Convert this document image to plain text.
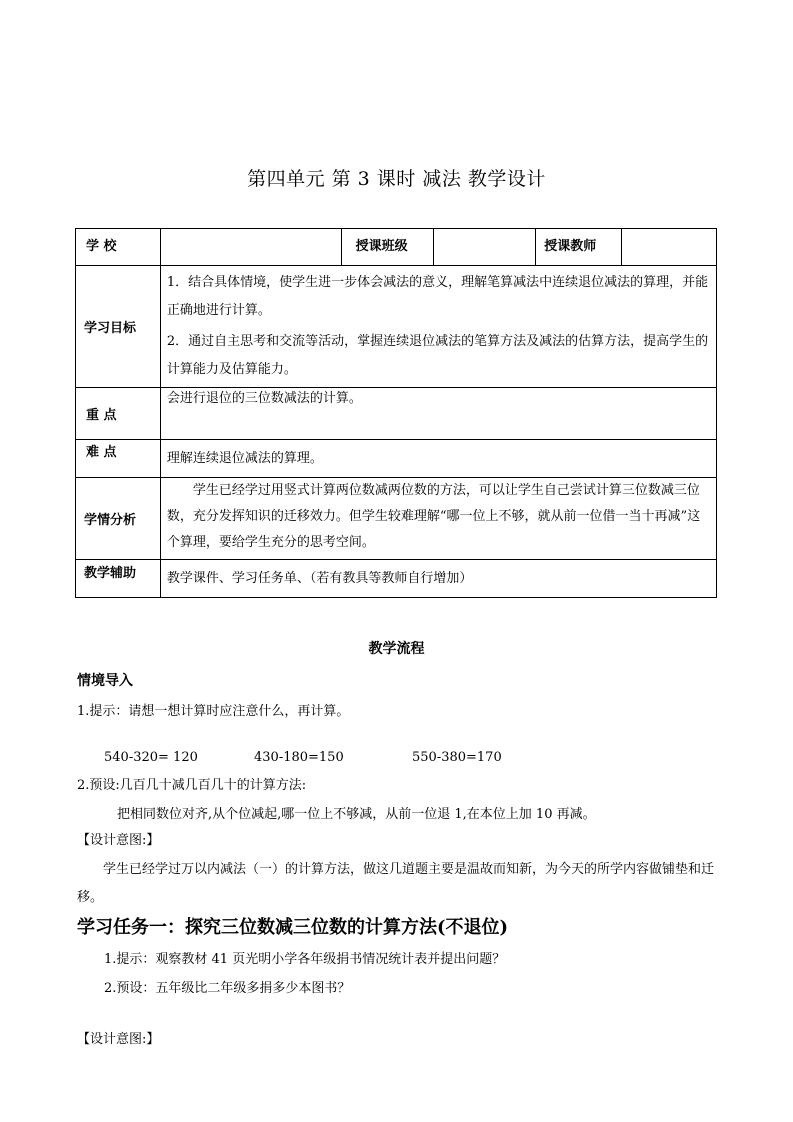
第四单元 第 3 课时 减法 教学设计
学 校		授课班级		授课教师	

学习目标	1．结合具体情境，使学生进一步体会减法的意义，理解笔算减法中连续退位减法的算理，并能正确地进行计算。
2．通过自主思考和交流等活动，掌握连续退位减法的笔算方法及减法的估算方法，提高学生的计算能力及估算能力。				

重 点	会进行退位的三位数减法的计算。				

难 点	理解连续退位减法的算理。				

学情分析	学生已经学过用竖式计算两位数减两位数的方法，可以让学生自己尝试计算三位数减三位数，充分发挥知识的迁移效力。但学生较难理解“哪一位上不够，就从前一位借一当十再减”这个算理，要给学生充分的思考空间。				

教学辅助	教学课件、学习任务单、（若有教具等教师自行增加）				
教学流程
情境导入
1.提示：请想一想计算时应注意什么，再计算。
540-320= 120	430-180=150	550-380=170
2.预设:几百几十减几百几十的计算方法:
把相同数位对齐,从个位减起,哪一位上不够减，从前一位退 1,在本位上加 10 再减。
【设计意图:】
学生已经学过万以内减法（一）的计算方法，做这几道题主要是温故而知新，为今天的所学内容做铺垫和迁移。
学习任务一：探究三位数减三位数的计算方法(不退位)
1.提示：观察教材 41 页光明小学各年级捐书情况统计表并提出问题？
2.预设：五年级比二年级多捐多少本图书？
【设计意图:】
